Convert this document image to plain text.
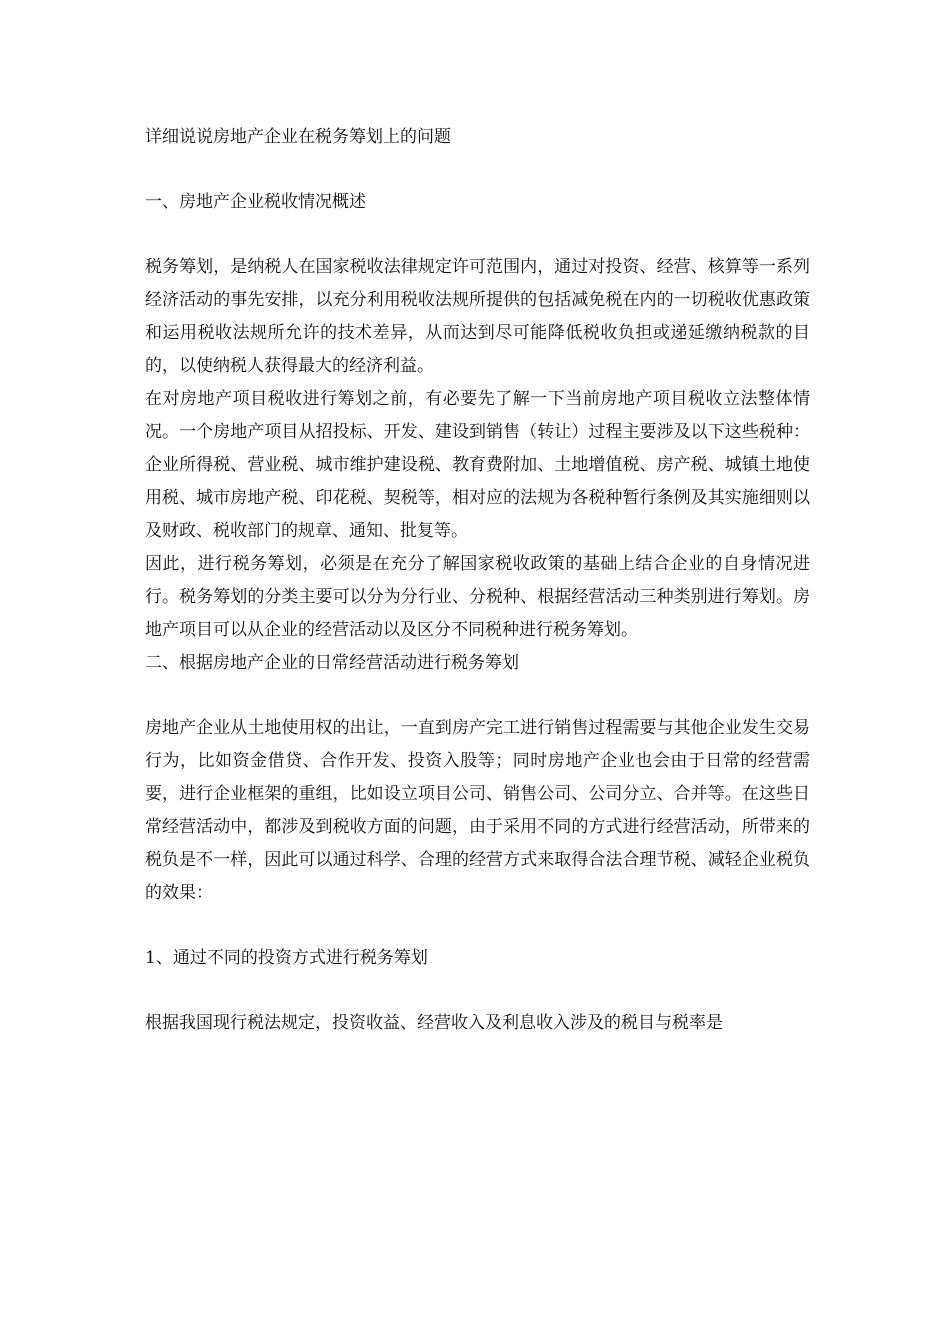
详细说说房地产企业在税务筹划上的问题

一、房地产企业税收情况概述

税务筹划，是纳税人在国家税收法律规定许可范围内，通过对投资、经营、核算等一系列经济活动的事先安排，以充分利用税收法规所提供的包括减免税在内的一切税收优惠政策和运用税收法规所允许的技术差异，从而达到尽可能降低税收负担或递延缴纳税款的目的，以使纳税人获得最大的经济利益。

在对房地产项目税收进行筹划之前，有必要先了解一下当前房地产项目税收立法整体情况。一个房地产项目从招投标、开发、建设到销售（转让）过程主要涉及以下这些税种：企业所得税、营业税、城市维护建设税、教育费附加、土地增值税、房产税、城镇土地使用税、城市房地产税、印花税、契税等，相对应的法规为各税种暂行条例及其实施细则以及财政、税收部门的规章、通知、批复等。

因此，进行税务筹划，必须是在充分了解国家税收政策的基础上结合企业的自身情况进行。税务筹划的分类主要可以分为分行业、分税种、根据经营活动三种类别进行筹划。房地产项目可以从企业的经营活动以及区分不同税种进行税务筹划。

二、根据房地产企业的日常经营活动进行税务筹划

房地产企业从土地使用权的出让，一直到房产完工进行销售过程需要与其他企业发生交易行为，比如资金借贷、合作开发、投资入股等；同时房地产企业也会由于日常的经营需要，进行企业框架的重组，比如设立项目公司、销售公司、公司分立、合并等。在这些日常经营活动中，都涉及到税收方面的问题，由于采用不同的方式进行经营活动，所带来的税负是不一样，因此可以通过科学、合理的经营方式来取得合法合理节税、减轻企业税负的效果：

1、通过不同的投资方式进行税务筹划

根据我国现行税法规定，投资收益、经营收入及利息收入涉及的税目与税率是
